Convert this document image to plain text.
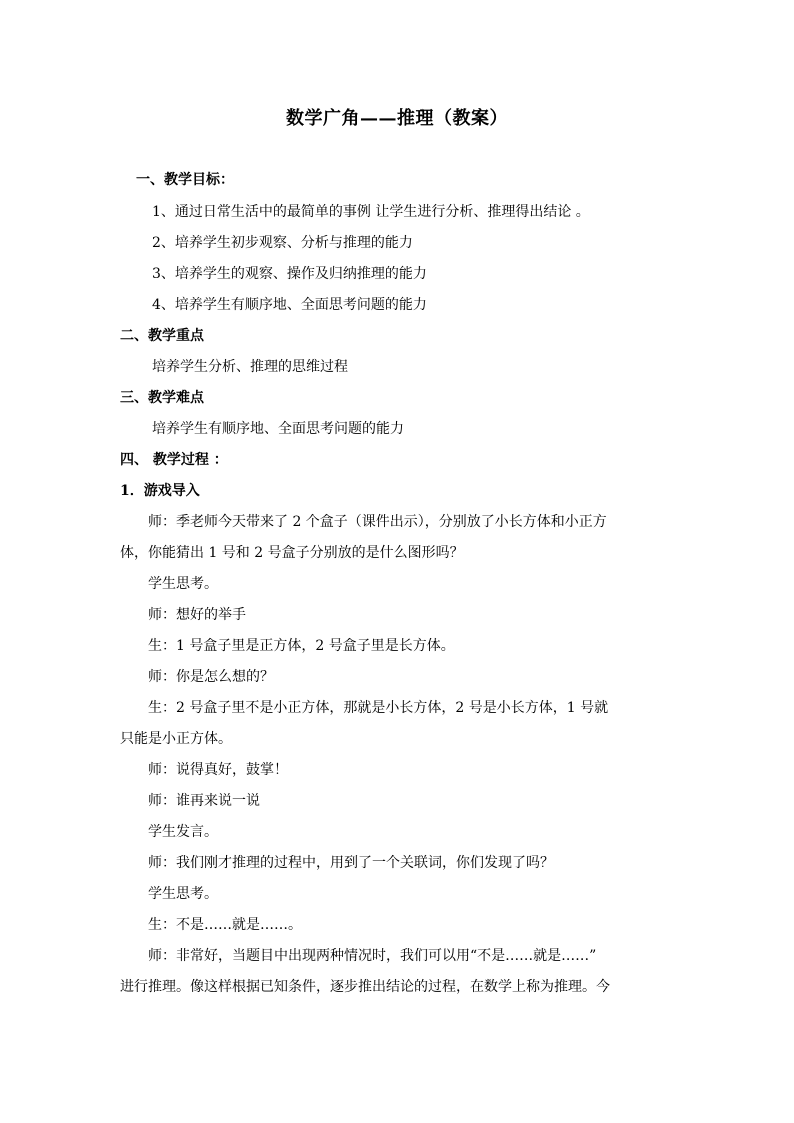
数学广角——推理（教案）
一、教学目标：
1、通过日常生活中的最简单的事例 让学生进行分析、推理得出结论 。
2、培养学生初步观察、分析与推理的能力
3、培养学生的观察、操作及归纳推理的能力
4、培养学生有顺序地、全面思考问题的能力
二、教学重点
培养学生分析、推理的思维过程
三、教学难点
培养学生有顺序地、全面思考问题的能力
四、 教学过程 ：
1．游戏导入
师：季老师今天带来了 2 个盒子（课件出示），分别放了小长方体和小正方
体，你能猜出 1 号和 2 号盒子分别放的是什么图形吗？
学生思考。
师：想好的举手
生：1 号盒子里是正方体，2 号盒子里是长方体。
师：你是怎么想的？
生：2 号盒子里不是小正方体，那就是小长方体，2 号是小长方体，1 号就
只能是小正方体。
师：说得真好，鼓掌！
师：谁再来说一说
学生发言。
师：我们刚才推理的过程中，用到了一个关联词，你们发现了吗？
学生思考。
生：不是……就是……。
师：非常好，当题目中出现两种情况时，我们可以用“不是……就是……”
进行推理。像这样根据已知条件，逐步推出结论的过程，在数学上称为推理。今
